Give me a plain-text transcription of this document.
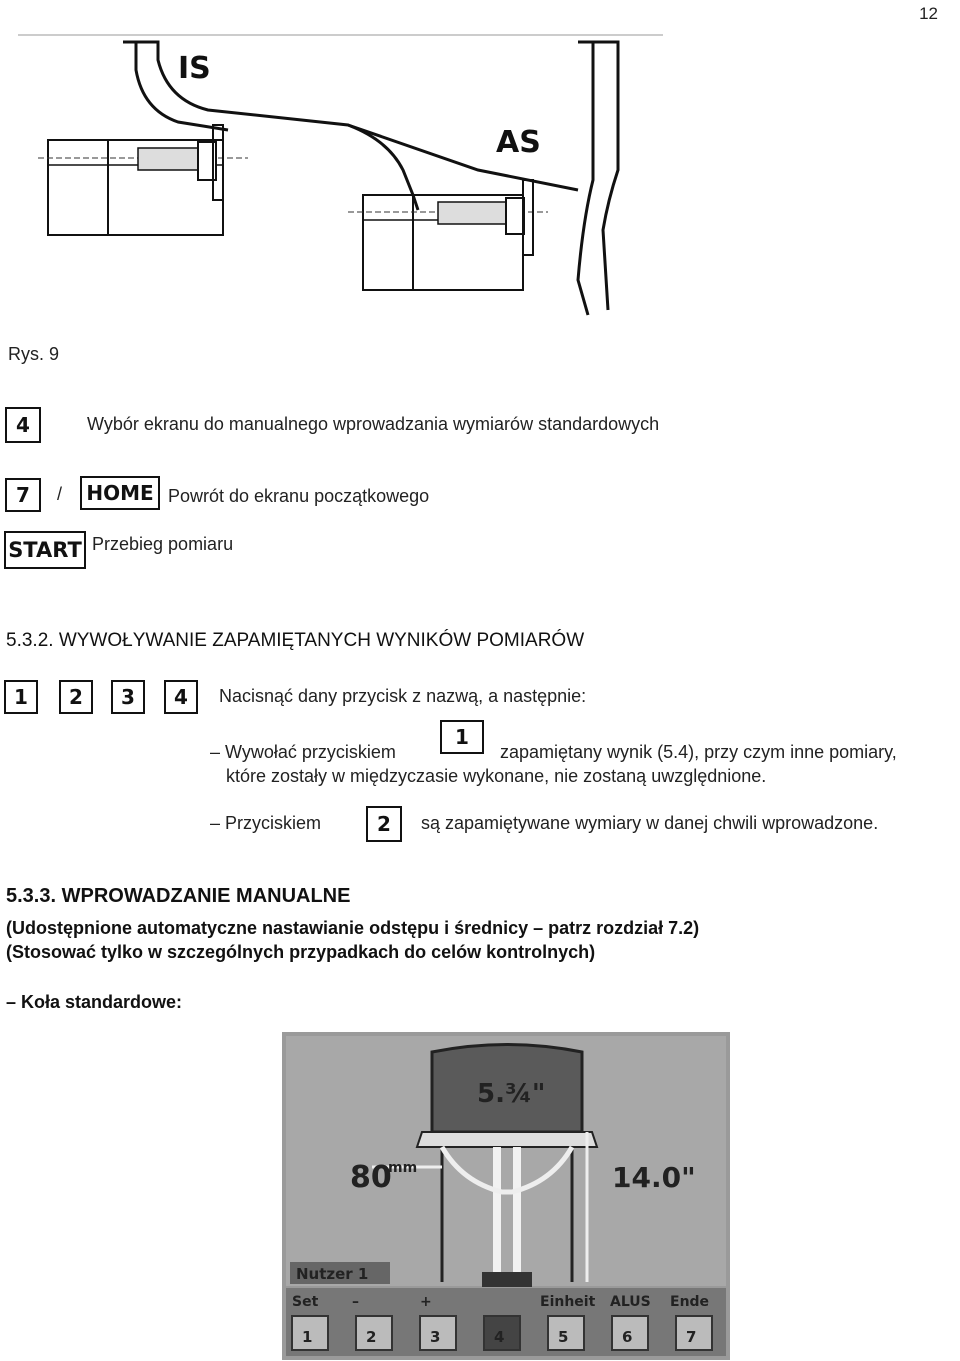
12
IS
AS
Rys. 9
4	Wybór ekranu do manualnego wprowadzania wymiarów standardowych
7	/	HOME Powrót do ekranu początkowego
START Przebieg pomiaru
5.3.2. WYWOŁYWANIE ZAPAMIĘTANYCH WYNIKÓW POMIARÓW
1	2	3	4	Nacisnąć dany przycisk z nazwą, a następnie:
– Wywołać przyciskiem
1
zapamiętany wynik (5.4), przy czym inne pomiary,
które zostały w międzyczasie wykonane, nie zostaną uwzględnione.
– Przyciskiem	2	są zapamiętywane wymiary w danej chwili wprowadzone.
5.3.3. WPROWADZANIE MANUALNE
(Udostępnione automatyczne nastawianie odstępu i średnicy – patrz rozdział 7.2)
(Stosować tylko w szczególnych przypadkach do celów kontrolnych)
– Koła standardowe:
5.¾"
80
mm	14.0"
Nutzer 1
Set –	+	Einheit ALUS Ende
1	2	3	4	5	6	7
